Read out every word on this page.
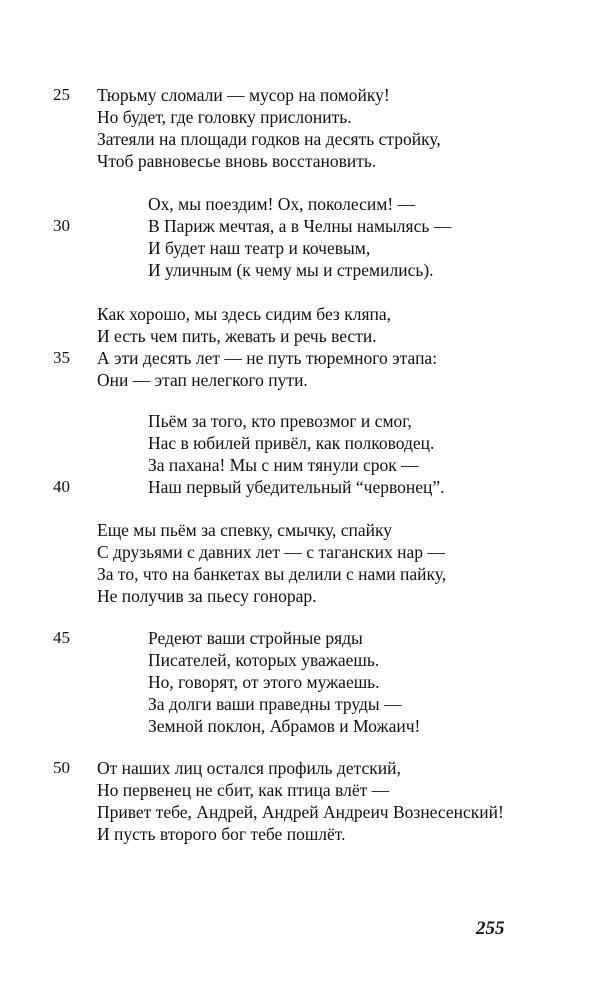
25 Тюрьму сломали — мусор на помойку!
Но будет, где головку прислонить.
Затеяли на площади годков на десять стройку,
Чтоб равновесье вновь восстановить.
Ох, мы поездим! Ох, поколесим! —
30	В Париж мечтая, а в Челны намылясь —
И будет наш театр и кочевым,
И уличным (к чему мы и стремились).
Как хорошо, мы здесь сидим без кляпа,
И есть чем пить, жевать и речь вести.
35 А эти десять лет — не путь тюремного этапа:
Они — этап нелегкого пути.
Пьём за того, кто превозмог и смог,
Нас в юбилей привёл, как полководец.
За пахана! Мы с ним тянули срок —
40	Наш первый убедительный “червонец”.
Еще мы пьём за спевку, смычку, спайку
С друзьями с давних лет — с таганских нар —
За то, что на банкетах вы делили с нами пайку,
Не получив за пьесу гонорар.
45	Редеют ваши стройные ряды
Писателей, которых уважаешь.
Но, говорят, от этого мужаешь.
За долги ваши праведны труды —
Земной поклон, Абрамов и Можаич!
50 От наших лиц остался профиль детский,
Но первенец не сбит, как птица влёт —
Привет тебе, Андрей, Андрей Андреич Вознесенский!
И пусть второго бог тебе пошлёт.
255
